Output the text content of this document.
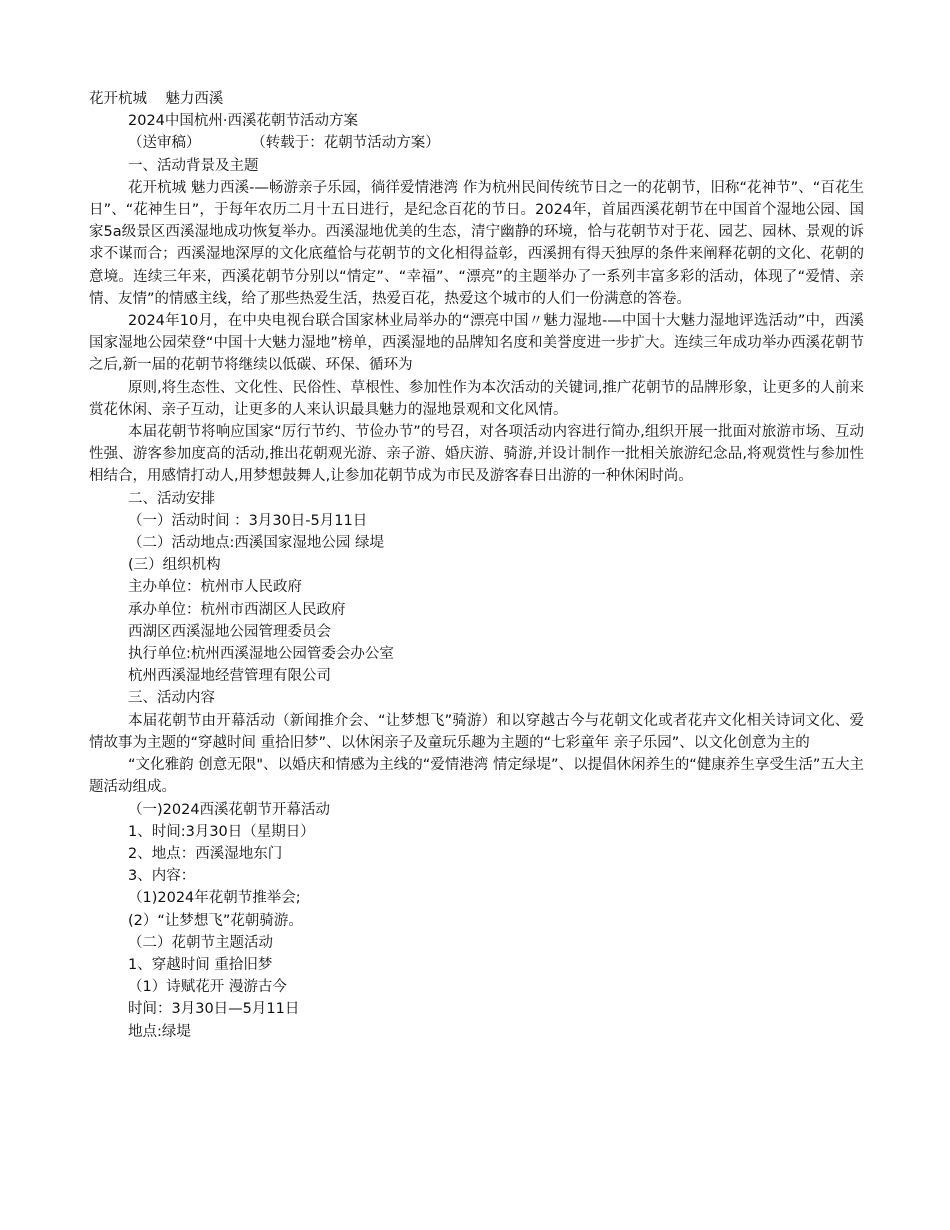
花开杭城    魅力西溪

2024中国杭州·西溪花朝节活动方案

（送审稿）           （转载于：花朝节活动方案）

一、活动背景及主题

花开杭城 魅力西溪-—畅游亲子乐园，徜徉爱情港湾 作为杭州民间传统节日之一的花朝节，旧称“花神节”、“百花生日”、“花神生日”，于每年农历二月十五日进行，是纪念百花的节日。2024年，首届西溪花朝节在中国首个湿地公园、国家5a级景区西溪湿地成功恢复举办。西溪湿地优美的生态，清宁幽静的环境，恰与花朝节对于花、园艺、园林、景观的诉求不谋而合；西溪湿地深厚的文化底蕴恰与花朝节的文化相得益彰，西溪拥有得天独厚的条件来阐释花朝的文化、花朝的意境。连续三年来，西溪花朝节分别以“情定”、“幸福”、“漂亮”的主题举办了一系列丰富多彩的活动，体现了“爱情、亲情、友情”的情感主线，给了那些热爱生活，热爱百花，热爱这个城市的人们一份满意的答卷。

2024年10月，在中央电视台联合国家林业局举办的“漂亮中国〃魅力湿地-—中国十大魅力湿地评选活动”中，西溪国家湿地公园荣登“中国十大魅力湿地”榜单，西溪湿地的品牌知名度和美誉度进一步扩大。连续三年成功举办西溪花朝节之后,新一届的花朝节将继续以低碳、环保、循环为

原则,将生态性、文化性、民俗性、草根性、参加性作为本次活动的关键词,推广花朝节的品牌形象，让更多的人前来赏花休闲、亲子互动，让更多的人来认识最具魅力的湿地景观和文化风情。

本届花朝节将响应国家“厉行节约、节俭办节”的号召，对各项活动内容进行简办,组织开展一批面对旅游市场、互动性强、游客参加度高的活动,推出花朝观光游、亲子游、婚庆游、骑游,并设计制作一批相关旅游纪念品,将观赏性与参加性相结合，用感情打动人,用梦想鼓舞人,让参加花朝节成为市民及游客春日出游的一种休闲时尚。

二、活动安排

（一）活动时间 ：3月30日-5月11日

（二）活动地点:西溪国家湿地公园 绿堤

(三）组织机构

主办单位：杭州市人民政府

承办单位：杭州市西湖区人民政府

西湖区西溪湿地公园管理委员会

执行单位:杭州西溪湿地公园管委会办公室

杭州西溪湿地经营管理有限公司

三、活动内容

本届花朝节由开幕活动（新闻推介会、“让梦想飞”骑游）和以穿越古今与花朝文化或者花卉文化相关诗词文化、爱情故事为主题的“穿越时间 重拾旧梦”、以休闲亲子及童玩乐趣为主题的“七彩童年 亲子乐园”、以文化创意为主的

“文化雅韵 创意无限"、以婚庆和情感为主线的“爱情港湾 情定绿堤”、以提倡休闲养生的“健康养生享受生活”五大主题活动组成。

（一)2024西溪花朝节开幕活动

1、时间:3月30日（星期日）

2、地点：西溪湿地东门

3、内容：

（1)2024年花朝节推举会;

(2）“让梦想飞”花朝骑游。

（二）花朝节主题活动

1、穿越时间 重拾旧梦

（1）诗赋花开 漫游古今

时间：3月30日—5月11日

地点:绿堤
